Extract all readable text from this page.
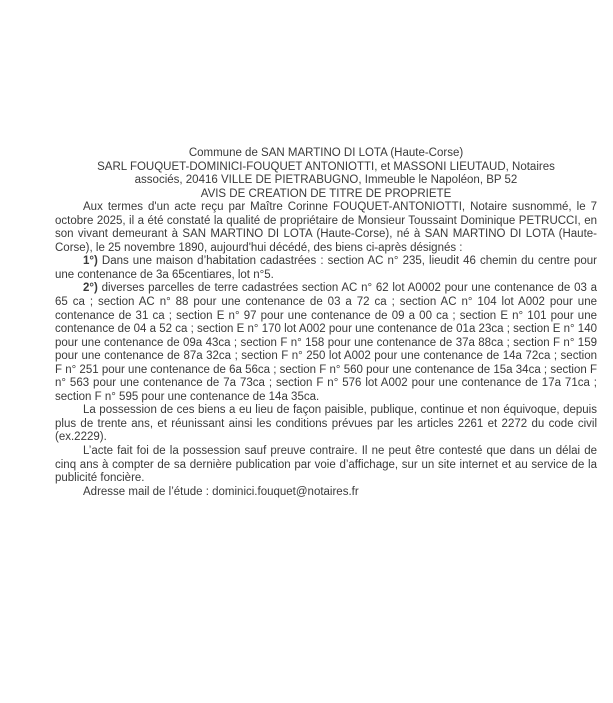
Commune de SAN MARTINO DI LOTA (Haute-Corse)

SARL FOUQUET-DOMINICI-FOUQUET ANTONIOTTI, et MASSONI LIEUTAUD, Notaires

associés, 20416 VILLE DE PIETRABUGNO, Immeuble le Napoléon, BP 52

AVIS DE CREATION DE TITRE DE PROPRIETE

Aux termes d'un acte reçu par Maître Corinne FOUQUET-ANTONIOTTI, Notaire susnommé, le 7 octobre 2025, il a été constaté la qualité de propriétaire de Monsieur Toussaint Dominique PETRUCCI, en son vivant demeurant à SAN MARTINO DI LOTA (Haute-Corse), né à SAN MARTINO DI LOTA (Haute-Corse), le 25 novembre 1890, aujourd'hui décédé, des biens ci-après désignés :

1°) Dans une maison d’habitation cadastrées : section AC n° 235, lieudit 46 chemin du centre pour une contenance de 3a 65centiares, lot n°5.

2°) diverses parcelles de terre cadastrées section AC n° 62 lot A0002 pour une contenance de 03 a 65 ca ; section AC n° 88 pour une contenance de 03 a 72 ca ; section AC n° 104 lot A002 pour une contenance de 31 ca ; section E n° 97 pour une contenance de 09 a 00 ca ; section E n° 101 pour une contenance de 04 a 52 ca ; section E n° 170 lot A002 pour une contenance de 01a 23ca ; section E n° 140 pour une contenance de 09a 43ca ; section F n° 158 pour une contenance de 37a 88ca ; section F n° 159 pour une contenance de 87a 32ca ; section F n° 250 lot A002 pour une contenance de 14a 72ca ; section F n° 251 pour une contenance de 6a 56ca ; section F n° 560 pour une contenance de 15a 34ca ; section F n° 563 pour une contenance de 7a 73ca ; section F n° 576 lot A002 pour une contenance de 17a 71ca ; section F n° 595 pour une contenance de 14a 35ca.

La possession de ces biens a eu lieu de façon paisible, publique, continue et non équivoque, depuis plus de trente ans, et réunissant ainsi les conditions prévues par les articles 2261 et 2272 du code civil (ex.2229).

L’acte fait foi de la possession sauf preuve contraire. Il ne peut être contesté que dans un délai de cinq ans à compter de sa dernière publication par voie d’affichage, sur un site internet et au service de la publicité foncière.

Adresse mail de l’étude : dominici.fouquet@notaires.fr
